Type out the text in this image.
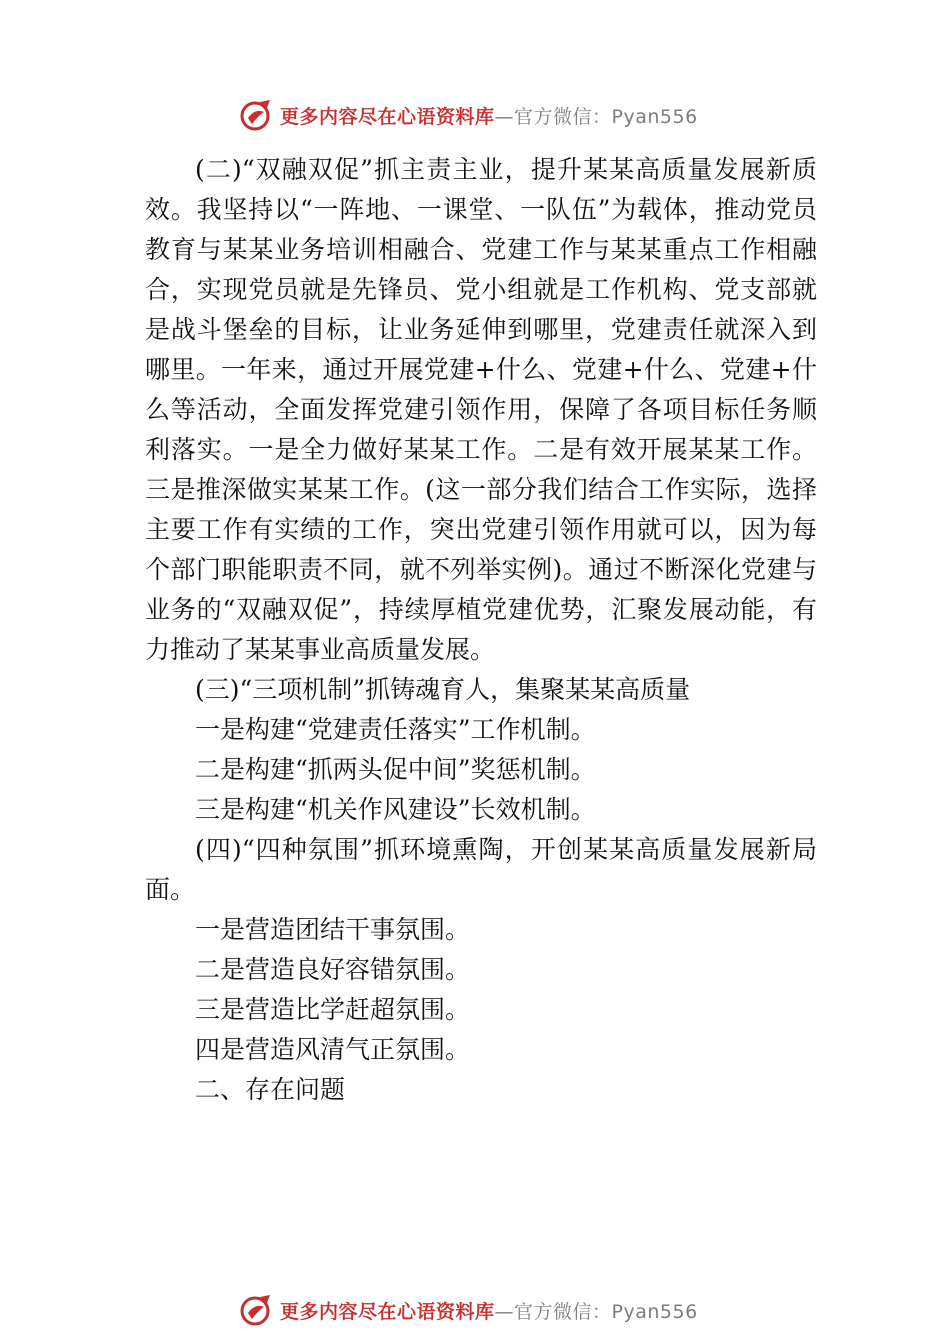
更多内容尽在心语资料库—官方微信：Pyan556

(二)“双融双促”抓主责主业，提升某某高质量发展新质效。我坚持以“一阵地、一课堂、一队伍”为载体，推动党员教育与某某业务培训相融合、党建工作与某某重点工作相融合，实现党员就是先锋员、党小组就是工作机构、党支部就是战斗堡垒的目标，让业务延伸到哪里，党建责任就深入到哪里。一年来，通过开展党建+什么、党建+什么、党建+什么等活动，全面发挥党建引领作用，保障了各项目标任务顺利落实。一是全力做好某某工作。二是有效开展某某工作。 三是推深做实某某工作。(这一部分我们结合工作实际，选择主要工作有实绩的工作，突出党建引领作用就可以，因为每个部门职能职责不同，就不列举实例)。通过不断深化党建与业务的“双融双促”，持续厚植党建优势，汇聚发展动能，有力推动了某某事业高质量发展。

(三)“三项机制”抓铸魂育人，集聚某某高质量

一是构建“党建责任落实”工作机制。

二是构建“抓两头促中间”奖惩机制。

三是构建“机关作风建设”长效机制。

(四)“四种氛围”抓环境熏陶，开创某某高质量发展新局面。

一是营造团结干事氛围。

二是营造良好容错氛围。

三是营造比学赶超氛围。

四是营造风清气正氛围。

二、存在问题

更多内容尽在心语资料库—官方微信：Pyan556
